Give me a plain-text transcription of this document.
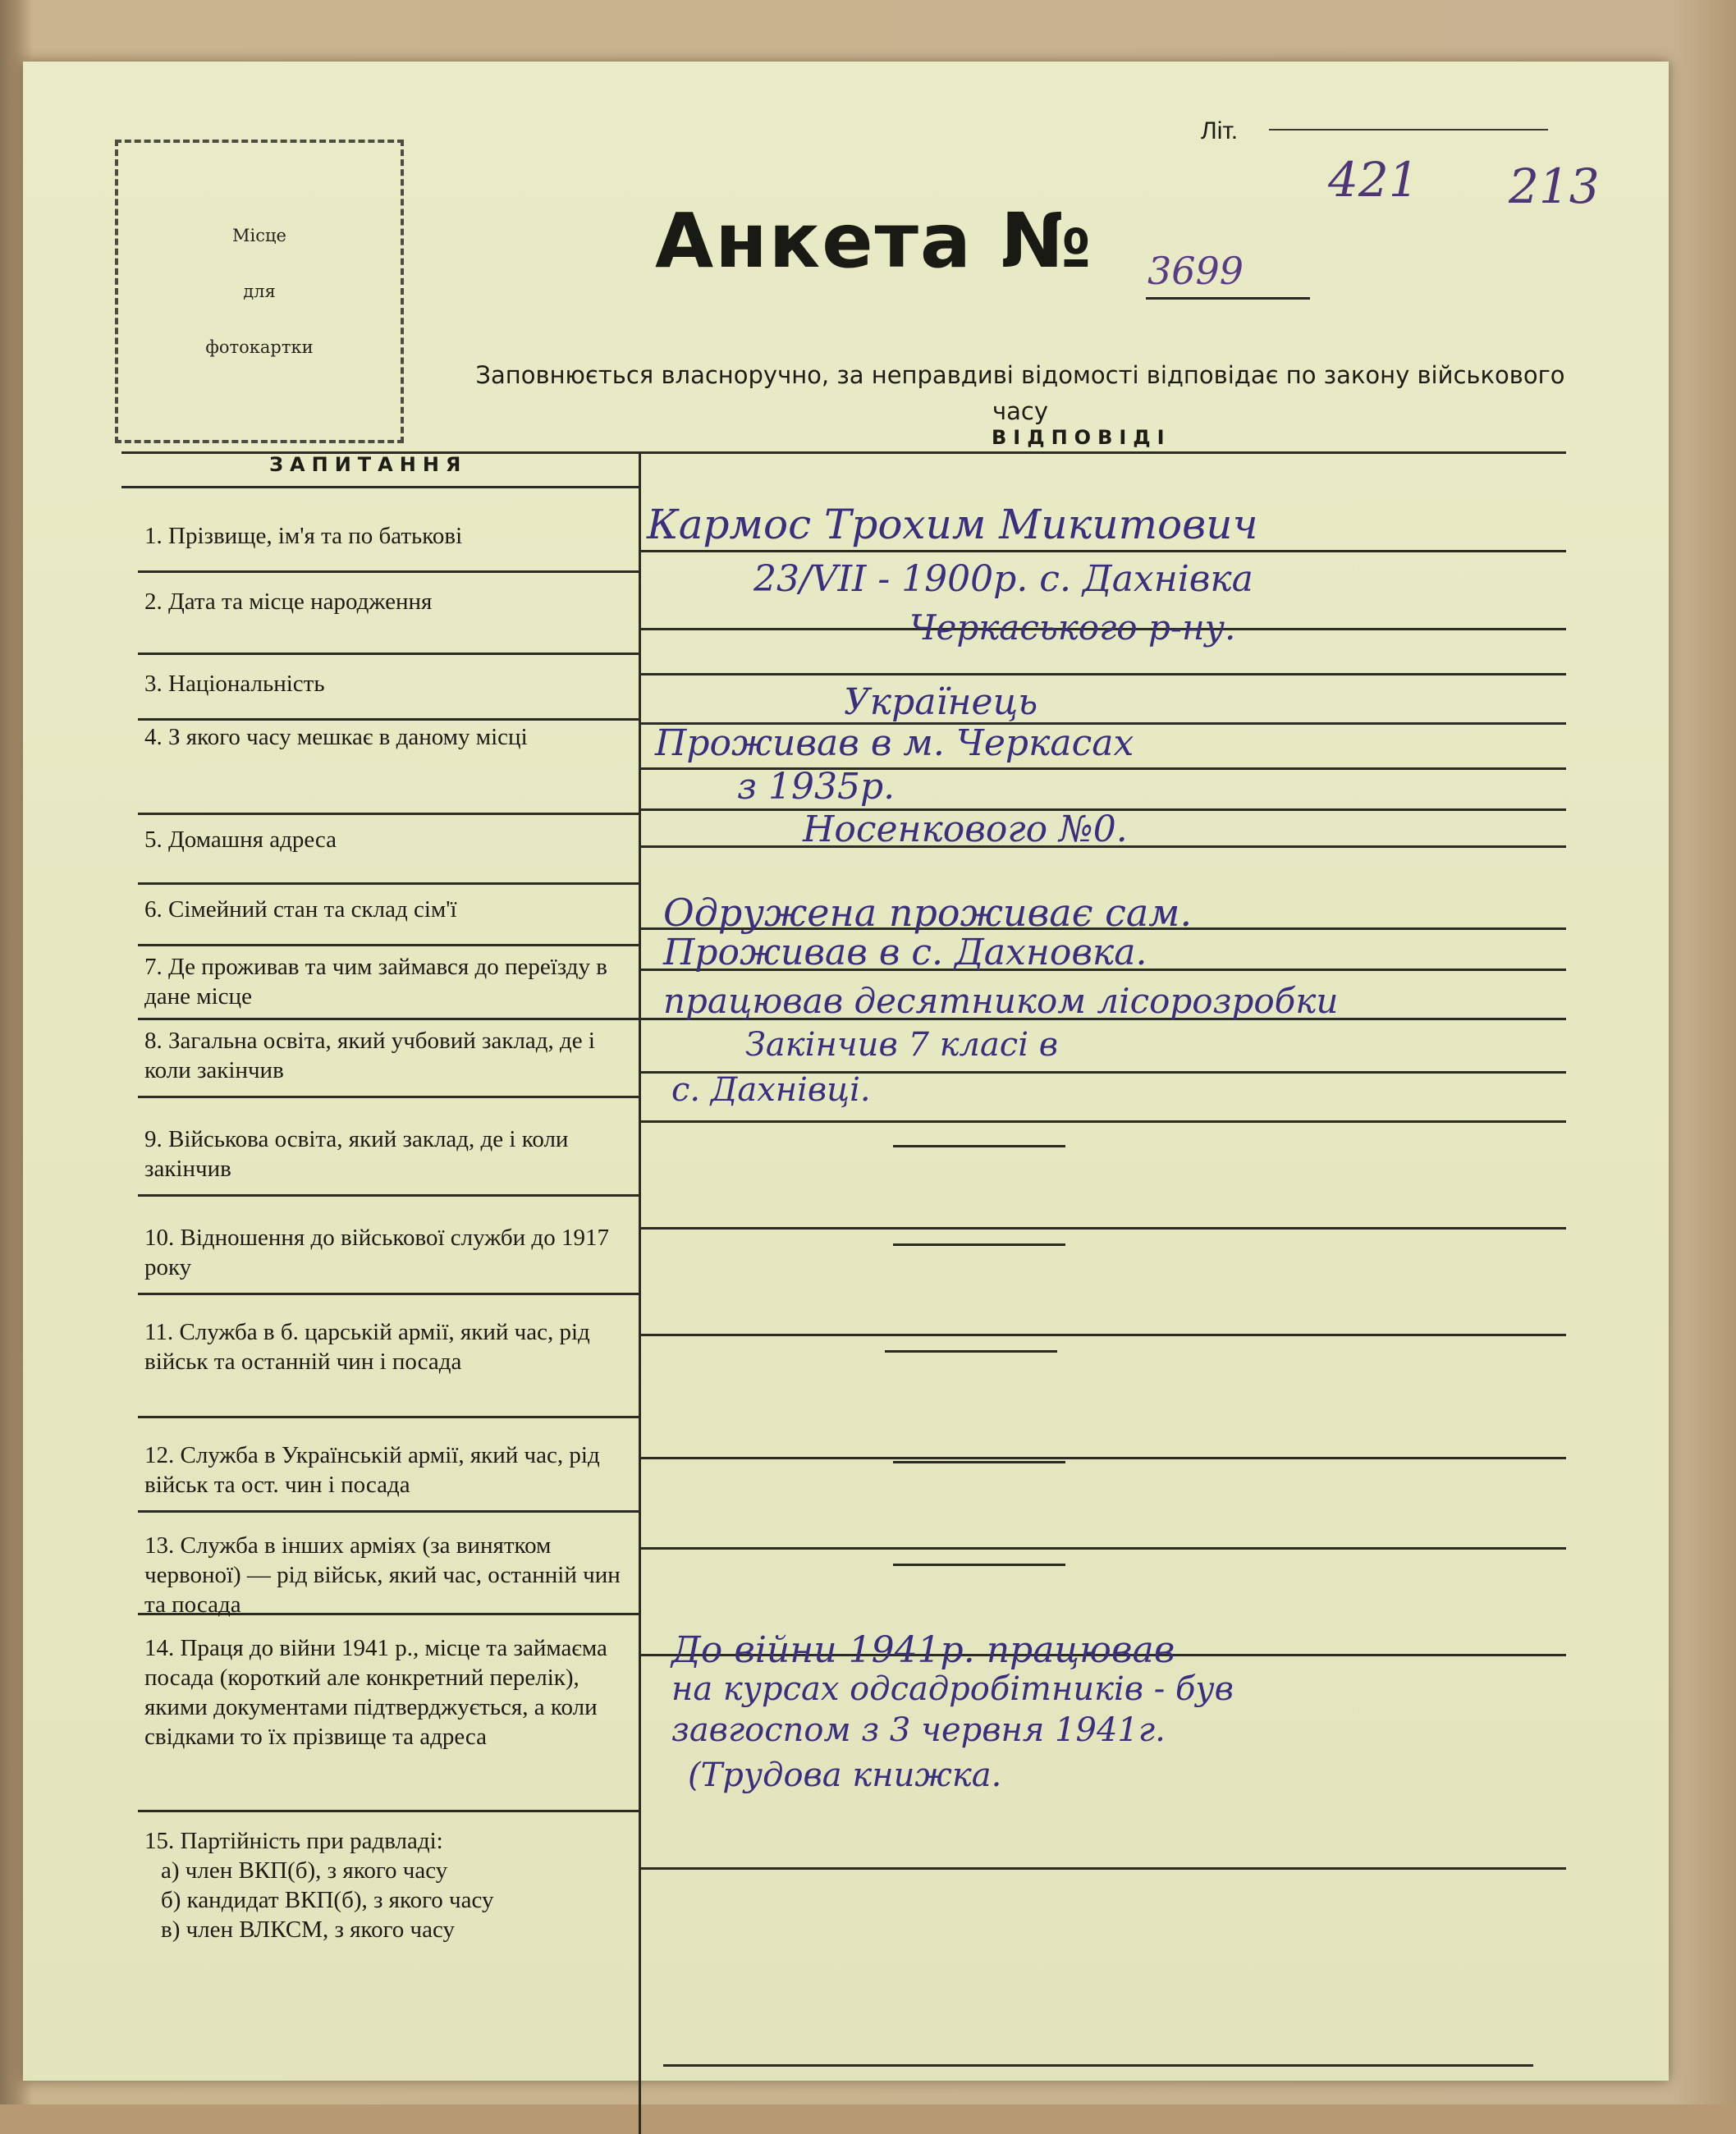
Літ.
Місце
для
фотокартки
Анкета № 3699
421 213
Заповнюється власноручно, за неправдиві відомості відповідає по закону військового часу
ЗАПИТАННЯ
ВІДПОВІДІ
1. Прізвище, ім'я та по батькові
2. Дата та місце народження
3. Національність
4. З якого часу мешкає в даному місці
5. Домашня адреса
6. Сімейний стан та склад сім'ї
7. Де проживав та чим займався до переїзду в дане місце
8. Загальна освіта, який учбовий заклад, де і коли закінчив
9. Військова освіта, який заклад, де і коли закінчив
10. Відношення до військової служби до 1917 року
11. Служба в б. царській армії, який час, рід військ та останній чин і посада
12. Служба в Українській армії, який час, рід військ та ост. чин і посада
13. Служба в інших арміях (за винятком червоної) — рід військ, який час, останній чин та посада
14. Праця до війни 1941 р., місце та займаєма посада (короткий але конкретний перелік), якими документами підтверджується, а коли свідками то їх прізвище та адреса
15. Партійність при радвладі:
а) член ВКП(б), з якого часу
б) кандидат ВКП(б), з якого часу
в) член ВЛКСМ, з якого часу
Кармос Трохим Микитович
23/VII - 1900р. с. Дахнівка
Черкаського р-ну.
Українець
Проживав в м. Черкасах
з 1935р.
Носенкового №0.
Одружена проживає сам.
Проживав в с. Дахновка.
працював десятником лісорозробки
Закінчив 7 класі в
с. Дахнівці.
До війни 1941р. працював
на курсах одсадробітників - був
завгоспом з 3 червня 1941г.
(Трудова книжка.
